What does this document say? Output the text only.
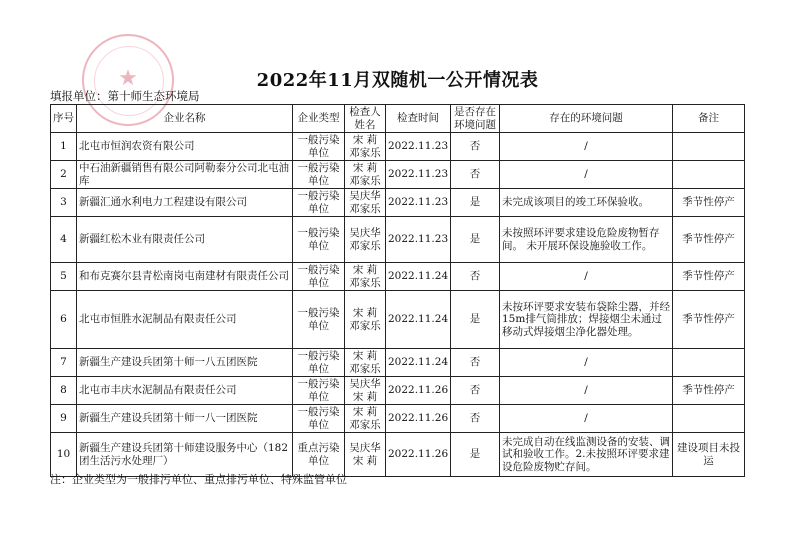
★	2022年11月双随机一公开情况表
填报单位：第十师生态环境局
序号	企业名称	企业类型	检查人姓名	检查时间	是否存在环境问题	存在的环境问题	备注
1	北屯市恒润农资有限公司	一般污染单位	宋 莉 邓家乐	2022.11.23	否	/	
2	中石油新疆销售有限公司阿勒泰分公司北屯油库	一般污染单位	宋 莉 邓家乐	2022.11.23	否	/	
3	新疆汇通水利电力工程建设有限公司	一般污染单位	吴庆华 邓家乐	2022.11.23	是	未完成该项目的竣工环保验收。	季节性停产
4	新疆红松木业有限责任公司	一般污染单位	吴庆华 邓家乐	2022.11.23	是	未按照环评要求建设危险废物暂存间。 未开展环保设施验收工作。	季节性停产
5	和布克赛尔县青松南岗屯南建材有限责任公司	一般污染单位	宋 莉 邓家乐	2022.11.24	否	/	季节性停产
6	北屯市恒胜水泥制品有限责任公司	一般污染单位	宋 莉 邓家乐	2022.11.24	是	未按环评要求安装布袋除尘器，并经15m排气筒排放；焊接烟尘未通过移动式焊接烟尘净化器处理。	季节性停产
7	新疆生产建设兵团第十师一八五团医院	一般污染单位	宋 莉 邓家乐	2022.11.24	否	/	
8	北屯市丰庆水泥制品有限责任公司	一般污染单位	吴庆华 宋 莉	2022.11.26	否	/	季节性停产
9	新疆生产建设兵团第十师一八一团医院	一般污染单位	宋 莉 邓家乐	2022.11.26	否	/	
10	新疆生产建设兵团第十师建设服务中心（182团生活污水处理厂）	重点污染单位	吴庆华 宋 莉	2022.11.26	是	未完成自动在线监测设备的安装、调试和验收工作。2.未按照环评要求建设危险废物贮存间。	建设项目未投运
注：企业类型为一般排污单位、重点排污单位、特殊监管单位
